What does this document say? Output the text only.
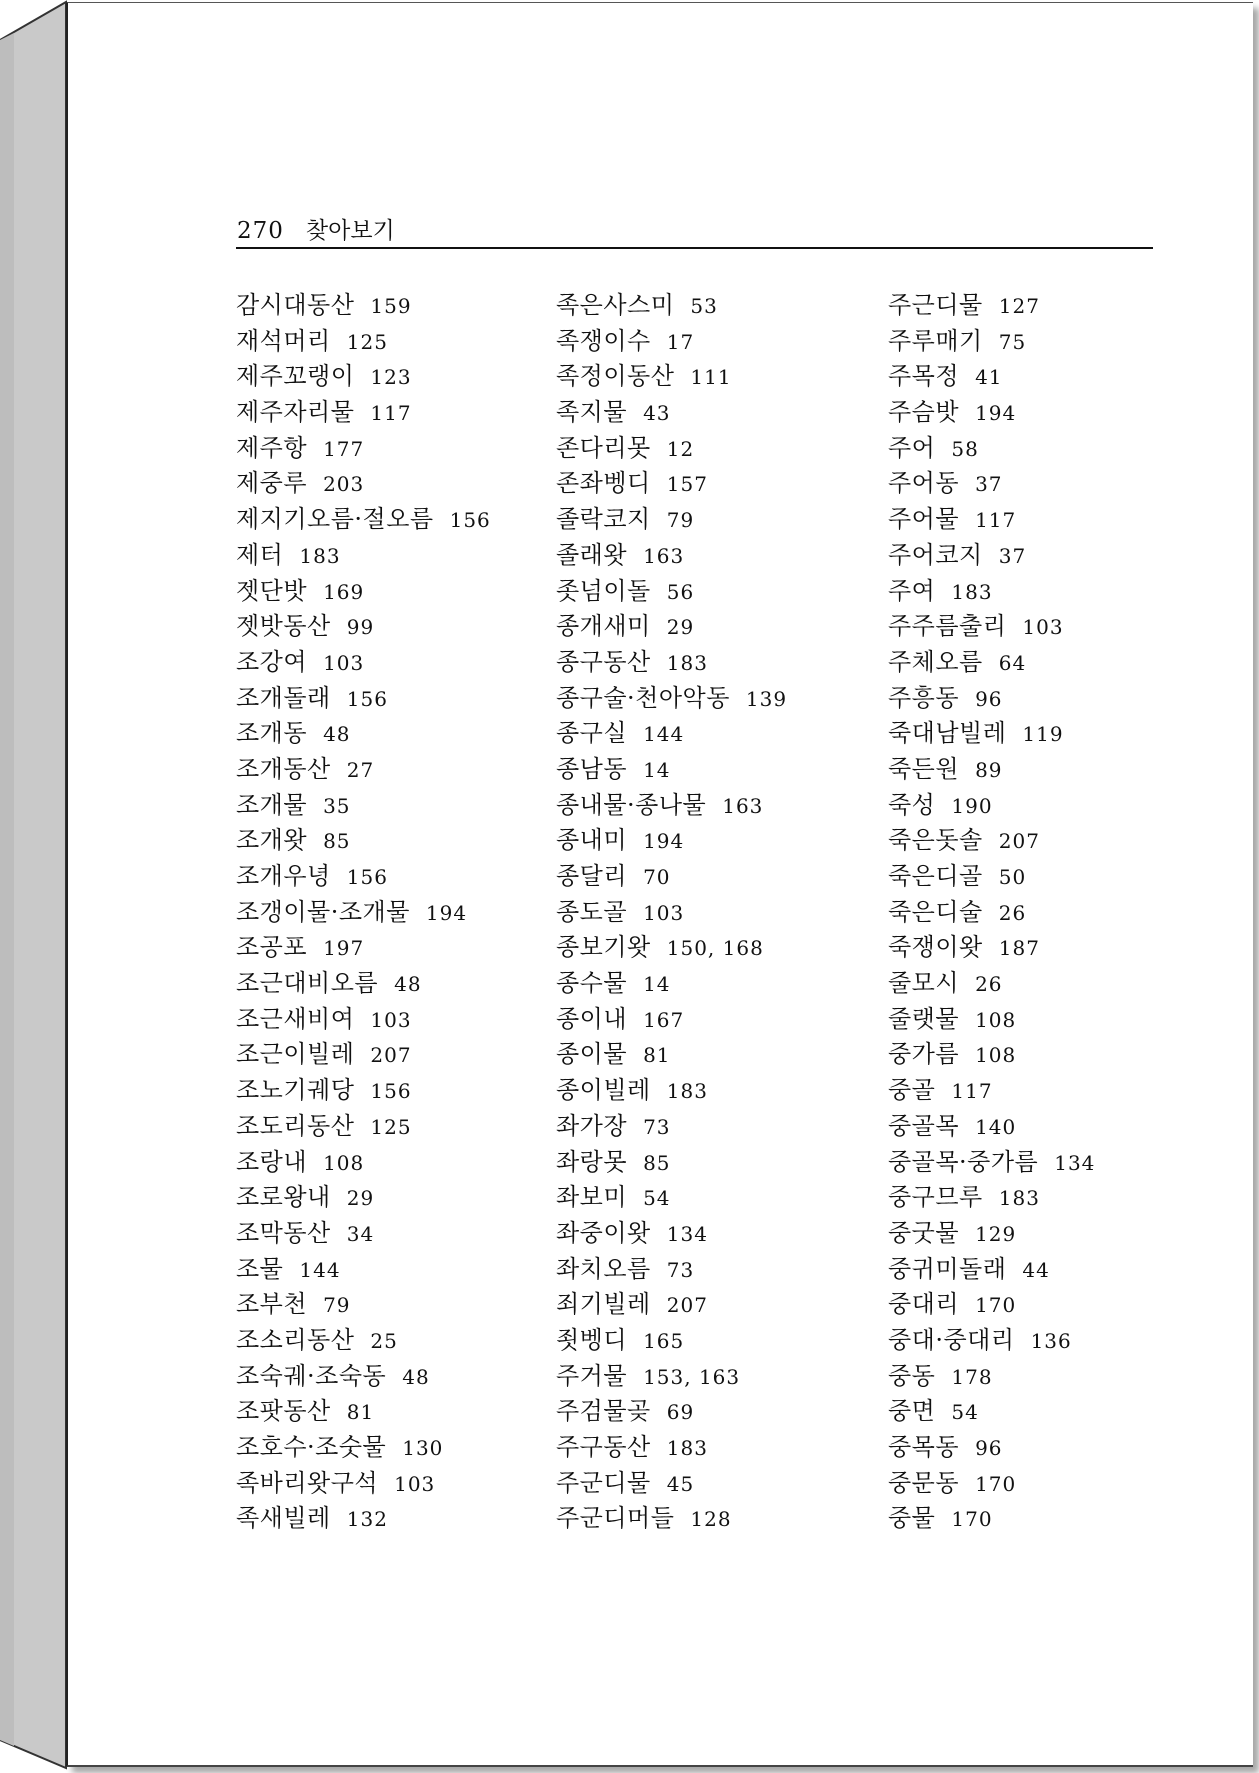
270 찾아보기
감시대동산 159
재석머리 125
제주꼬랭이 123
제주자리물 117
제주항 177
제중루 203
제지기오름·절오름 156
제터 183
젯단밧 169
젯밧동산 99
조강여 103
조개돌래 156
조개동 48
조개동산 27
조개물 35
조개왓 85
조개우녕 156
조갱이물·조개물 194
조공포 197
조근대비오름 48
조근새비여 103
조근이빌레 207
조노기궤당 156
조도리동산 125
조랑내 108
조로왕내 29
조막동산 34
조물 144
조부천 79
조소리동산 25
조숙궤·조숙동 48
조팟동산 81
조호수·조숫물 130
족바리왓구석 103
족새빌레 132
족은사스미 53
족쟁이수 17
족정이동산 111
족지물 43
존다리못 12
존좌벵디 157
졸락코지 79
졸래왓 163
좃넘이돌 56
종개새미 29
종구동산 183
종구술·천아악동 139
종구실 144
종남동 14
종내물·종나물 163
종내미 194
종달리 70
종도골 103
종보기왓 150, 168
종수물 14
종이내 167
종이물 81
종이빌레 183
좌가장 73
좌랑못 85
좌보미 54
좌중이왓 134
좌치오름 73
죄기빌레 207
죗벵디 165
주거물 153, 163
주검물곶 69
주구동산 183
주군디물 45
주군디머들 128
주근디물 127
주루매기 75
주목정 41
주슴밧 194
주어 58
주어동 37
주어물 117
주어코지 37
주여 183
주주름출리 103
주체오름 64
주흥동 96
죽대남빌레 119
죽든원 89
죽성 190
죽은돗솔 207
죽은디골 50
죽은디술 26
죽쟁이왓 187
줄모시 26
줄랫물 108
중가름 108
중골 117
중골목 140
중골목·중가름 134
중구므루 183
중굿물 129
중귀미돌래 44
중대리 170
중대·중대리 136
중동 178
중면 54
중목동 96
중문동 170
중물 170
